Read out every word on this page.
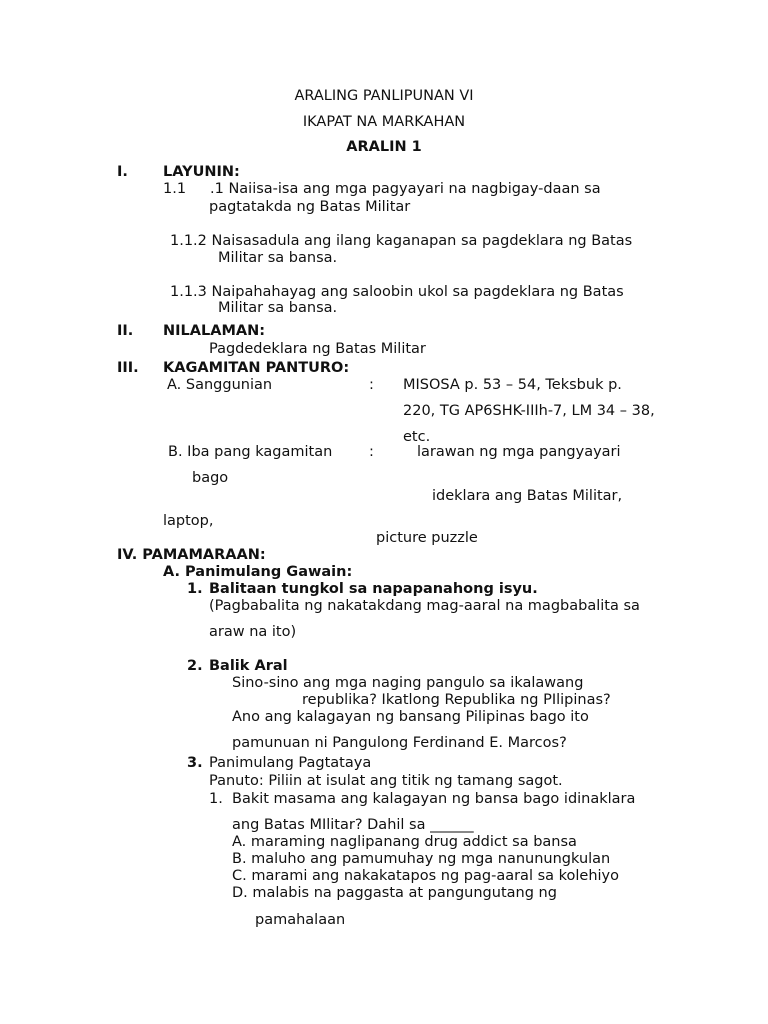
ARALING PANLIPUNAN VI
IKAPAT NA MARKAHAN
ARALIN 1
I. LAYUNIN:
1.1 .1 Naiisa-isa ang mga pagyayari na nagbigay-daan sa
pagtatakda ng Batas Militar
1.1.2 Naisasadula ang ilang kaganapan sa pagdeklara ng Batas
Militar sa bansa.
1.1.3 Naipahahayag ang saloobin ukol sa pagdeklara ng Batas
Militar sa bansa.
II. NILALAMAN:
Pagdedeklara ng Batas Militar
III. KAGAMITAN PANTURO:
A. Sanggunian	: MISOSA p. 53 – 54, Teksbuk p.
220, TG AP6SHK-IIIh-7, LM 34 – 38,
etc.
B. Iba pang kagamitan	:	larawan ng mga pangyayari
bago
ideklara ang Batas Militar,
laptop,
picture puzzle
IV. PAMAMARAAN:
A. Panimulang Gawain:
1. Balitaan tungkol sa napapanahong isyu.
(Pagbabalita ng nakatakdang mag-aaral na magbabalita sa
araw na ito)
2. Balik Aral
Sino-sino ang mga naging pangulo sa ikalawang
republika? Ikatlong Republika ng PIlipinas?
Ano ang kalagayan ng bansang Pilipinas bago ito
pamunuan ni Pangulong Ferdinand E. Marcos?
3. Panimulang Pagtataya
Panuto: Piliin at isulat ang titik ng tamang sagot.
1. Bakit masama ang kalagayan ng bansa bago idinaklara
ang Batas MIlitar? Dahil sa ______
A. maraming naglipanang drug addict sa bansa
B. maluho ang pamumuhay ng mga nanunungkulan
C. marami ang nakakatapos ng pag-aaral sa kolehiyo
D. malabis na paggasta at pangungutang ng
pamahalaan
